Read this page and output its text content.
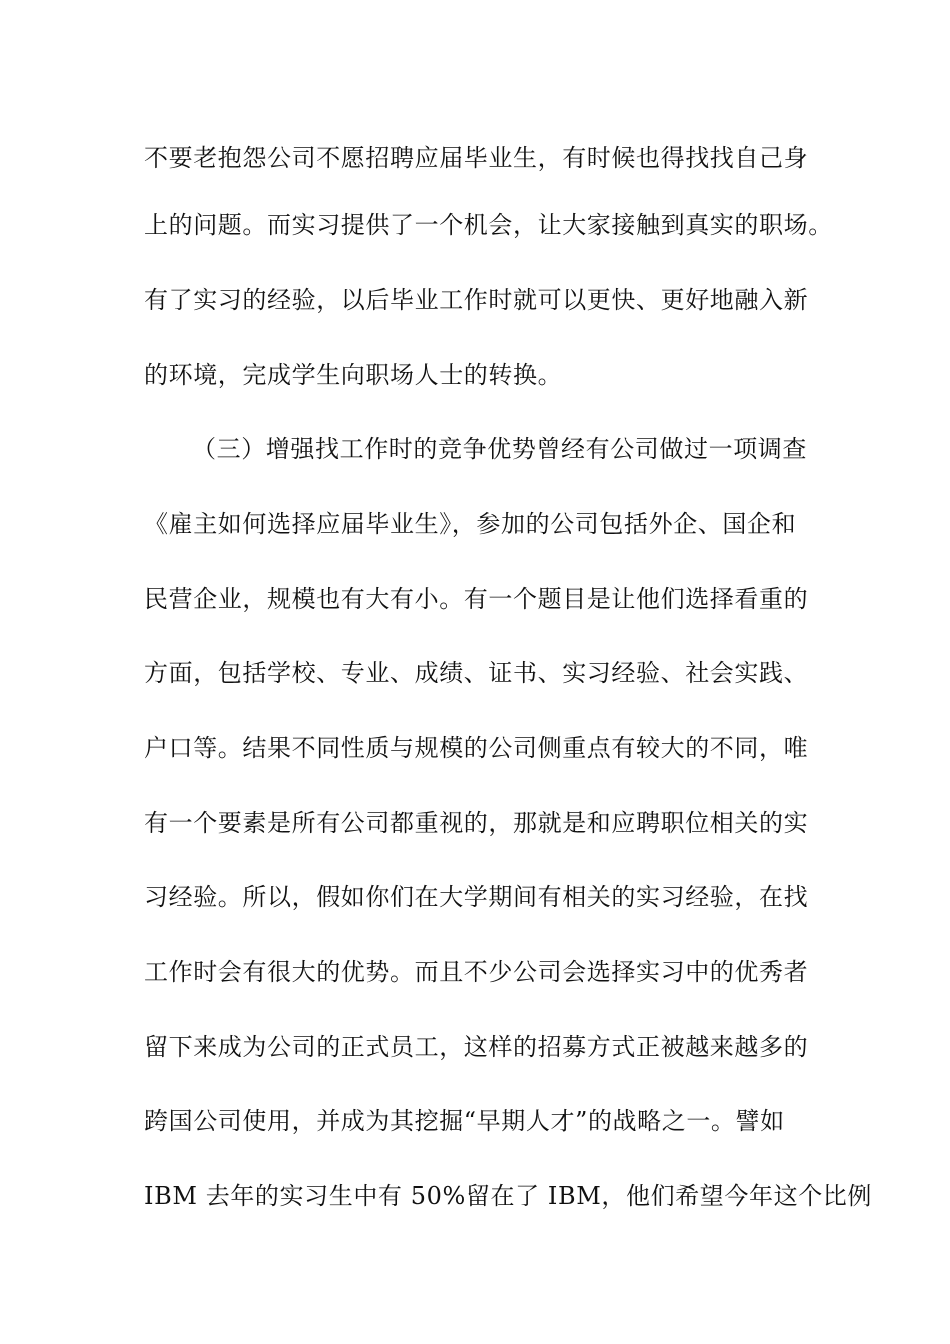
不要老抱怨公司不愿招聘应届毕业生，有时候也得找找自己身
上的问题。而实习提供了一个机会，让大家接触到真实的职场。
有了实习的经验，以后毕业工作时就可以更快、更好地融入新
的环境，完成学生向职场人士的转换。
（三）增强找工作时的竞争优势曾经有公司做过一项调查
《雇主如何选择应届毕业生》，参加的公司包括外企、国企和
民营企业，规模也有大有小。有一个题目是让他们选择看重的
方面，包括学校、专业、成绩、证书、实习经验、社会实践、
户口等。结果不同性质与规模的公司侧重点有较大的不同，唯
有一个要素是所有公司都重视的，那就是和应聘职位相关的实
习经验。所以，假如你们在大学期间有相关的实习经验，在找
工作时会有很大的优势。而且不少公司会选择实习中的优秀者
留下来成为公司的正式员工，这样的招募方式正被越来越多的
跨国公司使用，并成为其挖掘“早期人才”的战略之一。譬如
IBM 去年的实习生中有 50%留在了 IBM，他们希望今年这个比例
